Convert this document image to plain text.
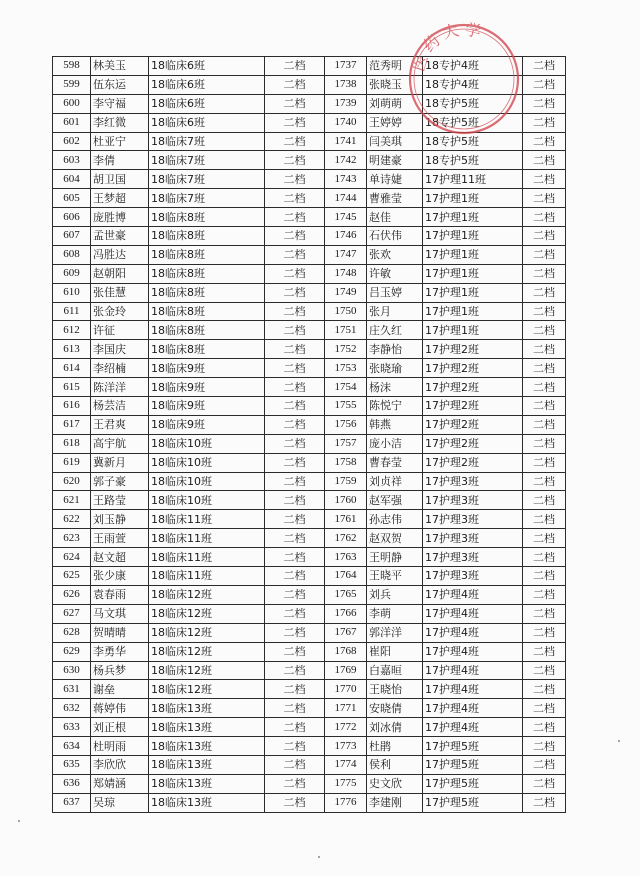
598	林美玉	18临床6班	二档	1737	范秀明	18专护4班	二档
599	伍东运	18临床6班	二档	1738	张晓玉	18专护4班	二档
600	李守福	18临床6班	二档	1739	刘萌萌	18专护5班	二档
601	李红微	18临床6班	二档	1740	王婷婷	18专护5班	二档
602	杜亚宁	18临床7班	二档	1741	闫美琪	18专护5班	二档
603	李倩	18临床7班	二档	1742	明建豪	18专护5班	二档
604	胡卫国	18临床7班	二档	1743	单诗婕	17护理11班	二档
605	王梦超	18临床7班	二档	1744	曹雅莹	17护理1班	二档
606	庞胜博	18临床8班	二档	1745	赵佳	17护理1班	二档
607	孟世豪	18临床8班	二档	1746	石伏伟	17护理1班	二档
608	冯胜达	18临床8班	二档	1747	张欢	17护理1班	二档
609	赵朝阳	18临床8班	二档	1748	许敏	17护理1班	二档
610	张佳慧	18临床8班	二档	1749	吕玉婷	17护理1班	二档
611	张金玲	18临床8班	二档	1750	张月	17护理1班	二档
612	许征	18临床8班	二档	1751	庄久红	17护理1班	二档
613	李国庆	18临床8班	二档	1752	李静怡	17护理2班	二档
614	李绍楠	18临床9班	二档	1753	张晓瑜	17护理2班	二档
615	陈洋洋	18临床9班	二档	1754	杨沫	17护理2班	二档
616	杨芸洁	18临床9班	二档	1755	陈悦宁	17护理2班	二档
617	王君爽	18临床9班	二档	1756	韩燕	17护理2班	二档
618	高宇航	18临床10班	二档	1757	庞小洁	17护理2班	二档
619	冀新月	18临床10班	二档	1758	曹春莹	17护理2班	二档
620	郭子豪	18临床10班	二档	1759	刘贞祥	17护理3班	二档
621	王路莹	18临床10班	二档	1760	赵军强	17护理3班	二档
622	刘玉静	18临床11班	二档	1761	孙志伟	17护理3班	二档
623	王雨萱	18临床11班	二档	1762	赵双贺	17护理3班	二档
624	赵文超	18临床11班	二档	1763	王明静	17护理3班	二档
625	张少康	18临床11班	二档	1764	王晓平	17护理3班	二档
626	袁春雨	18临床12班	二档	1765	刘兵	17护理4班	二档
627	马文琪	18临床12班	二档	1766	李萌	17护理4班	二档
628	贺晴晴	18临床12班	二档	1767	郭洋洋	17护理4班	二档
629	李勇华	18临床12班	二档	1768	崔阳	17护理4班	二档
630	杨兵梦	18临床12班	二档	1769	白嘉晅	17护理4班	二档
631	谢垒	18临床12班	二档	1770	王晓怡	17护理4班	二档
632	蒋婷伟	18临床13班	二档	1771	安晓倩	17护理4班	二档
633	刘正根	18临床13班	二档	1772	刘冰倩	17护理4班	二档
634	杜明雨	18临床13班	二档	1773	杜鹃	17护理5班	二档
635	李欣欣	18临床13班	二档	1774	侯利	17护理5班	二档
636	郑婧涵	18临床13班	二档	1775	史文欣	17护理5班	二档
637	吴琼	18临床13班	二档	1776	李建刚	17护理5班	二档
医药大学
